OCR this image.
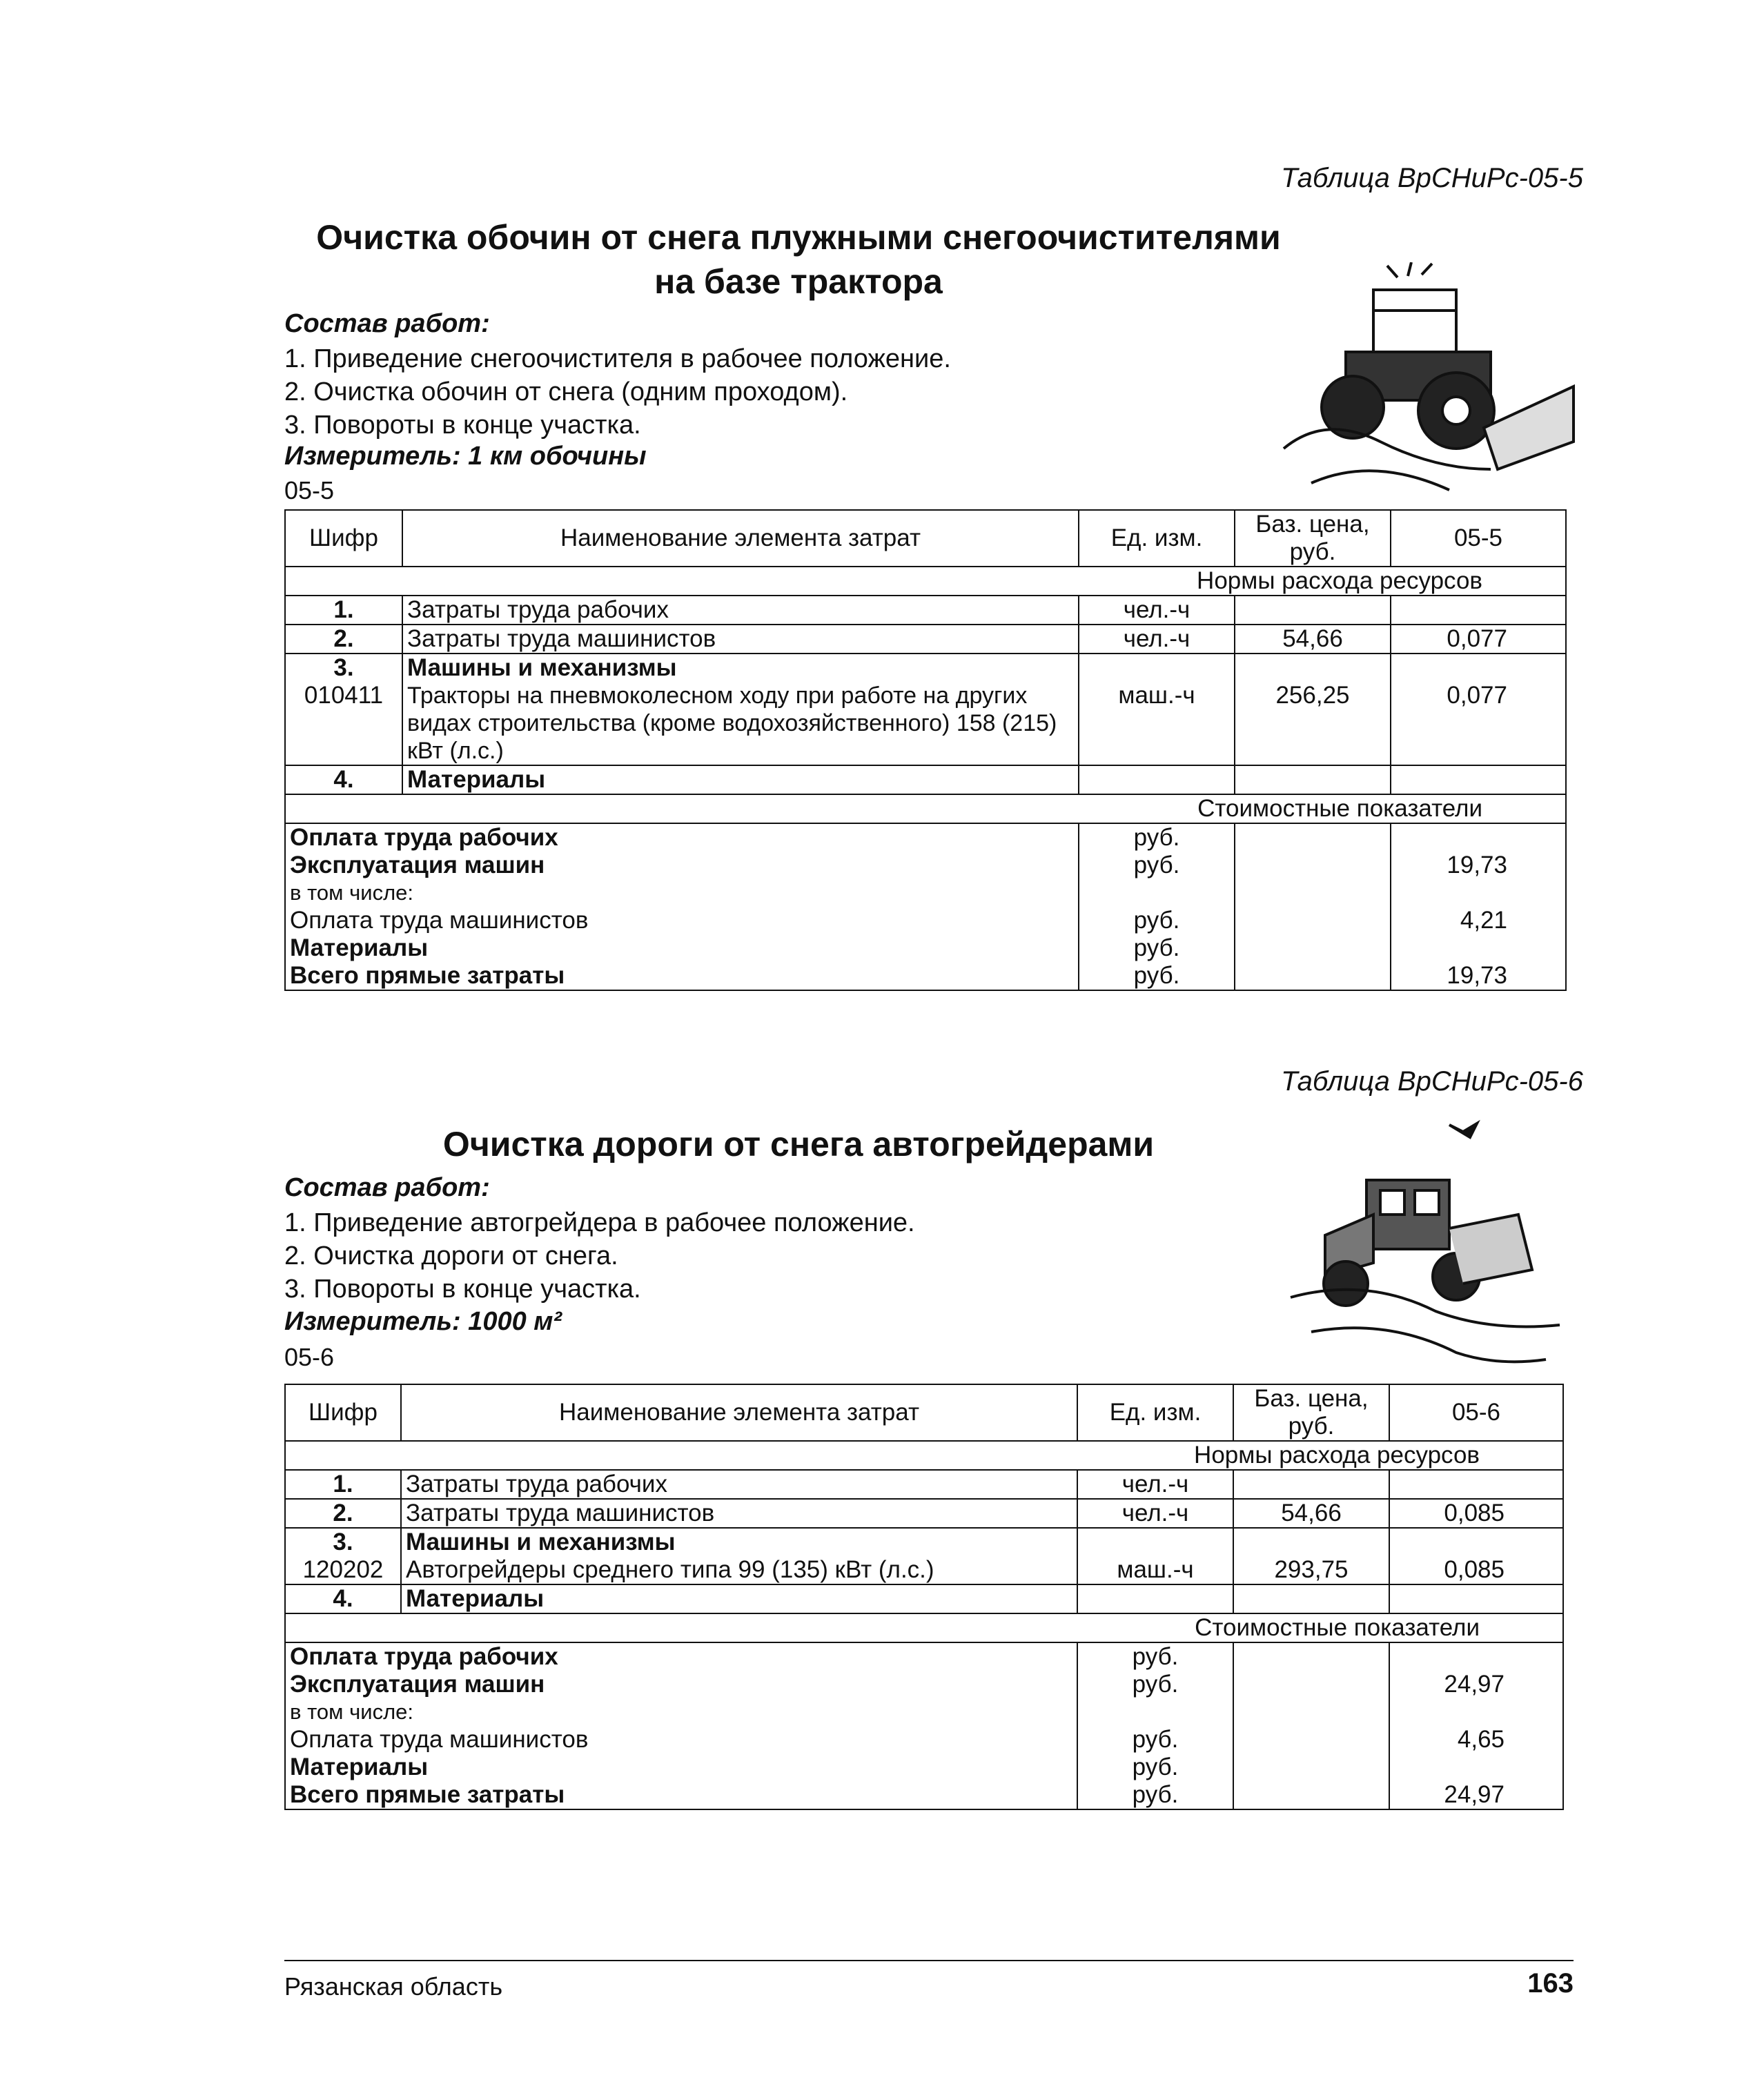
Таблица ВрСНиРс-05-5
Очистка обочин от снега плужными снегоочистителями
на базе трактора
Состав работ:
1. Приведение снегоочистителя в рабочее положение.
2. Очистка обочин от снега (одним проходом).
3. Повороты в конце участка.
Измеритель: 1 км обочины
05-5
Шифр	Наименование элемента затрат	Ед. изм.	Баз. цена, руб.	05-5
Нормы расхода ресурсов				
1.	Затраты труда рабочих	чел.-ч		
2.	Затраты труда машинистов	чел.-ч	54,66	0,077
3.	Машины и механизмы			
010411	Тракторы на пневмоколесном ходу при работе на других видах строительства (кроме водохозяйственного) 158 (215) кВт (л.с.)	маш.-ч	256,25	0,077
4.	Материалы			
Стоимостные показатели				
Оплата труда рабочих		руб.		
Эксплуатация машин		руб.		19,73
в том числе:				
Оплата труда машинистов		руб.		4,21
Материалы		руб.		
Всего прямые затраты		руб.		19,73
Таблица ВрСНиРс-05-6
Очистка дороги от снега автогрейдерами
Состав работ:
1. Приведение автогрейдера в рабочее положение.
2. Очистка дороги от снега.
3. Повороты в конце участка.
Измеритель: 1000 м²
05-6
Шифр	Наименование элемента затрат	Ед. изм.	Баз. цена, руб.	05-6
Нормы расхода ресурсов				
1.	Затраты труда рабочих	чел.-ч		
2.	Затраты труда машинистов	чел.-ч	54,66	0,085
3.	Машины и механизмы			
120202	Автогрейдеры среднего типа 99 (135) кВт (л.с.)	маш.-ч	293,75	0,085
4.	Материалы			
Стоимостные показатели				
Оплата труда рабочих		руб.		
Эксплуатация машин		руб.		24,97
в том числе:				
Оплата труда машинистов		руб.		4,65
Материалы		руб.		
Всего прямые затраты		руб.		24,97
Рязанская область	163
